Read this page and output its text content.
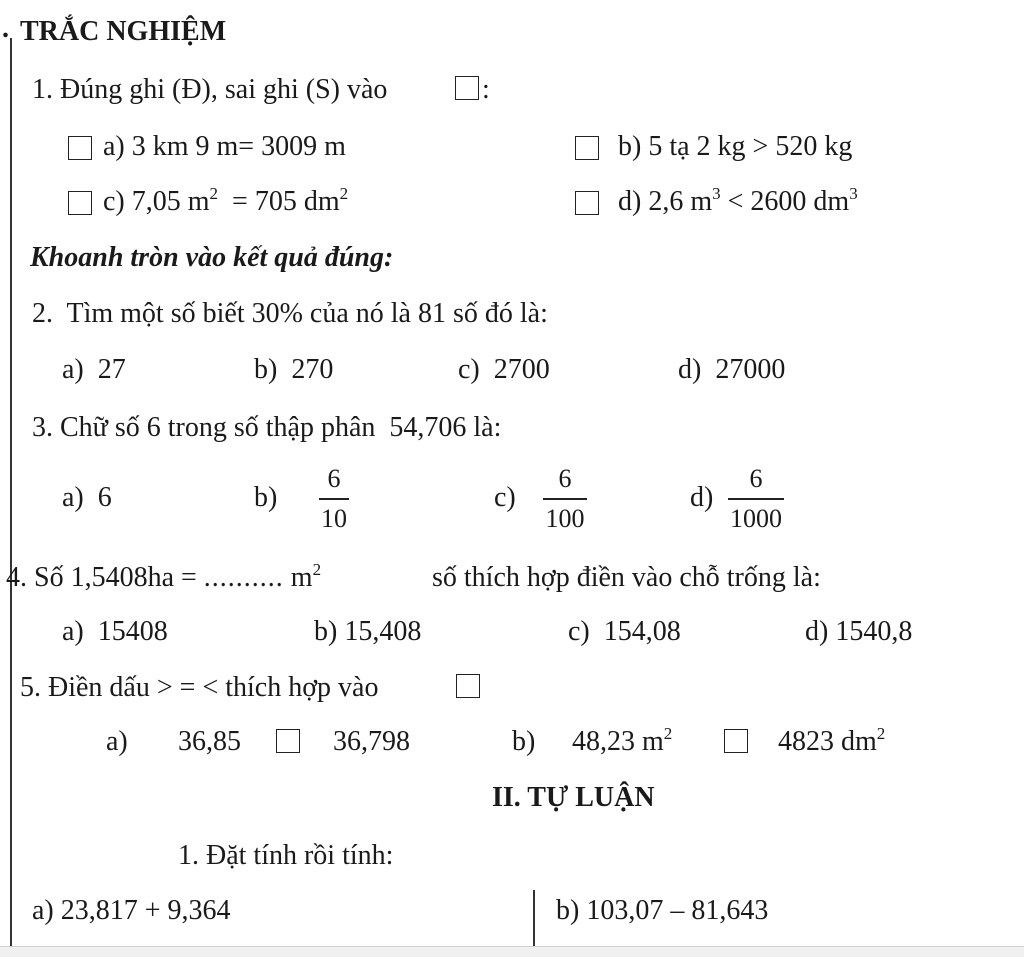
. TRẮC NGHIỆM
1. Đúng ghi (Đ), sai ghi (S) vào	:
a) 3 km 9 m= 3009 m	b) 5 tạ 2 kg > 520 kg
c) 7,05 $m^2 = 705$ $dm^2$	d) 2,6 $m^3 < 2600$ $dm^3$
Khoanh tròn vào kết quả đúng:
2.  Tìm một số biết 30% của nó là 81 số đó là:
a)  27	b)  270	c)  2700	d)  27000
3. Chữ số 6 trong số thập phân  54,706 là:
a)  6	b)
6
10
c)
6
100
d)
6
1000
4. Số 1,5408ha = .......... $m^2$	số thích hợp điền vào chỗ trống là:
a)  15408	b) 15,408	c)  154,08	d) 1540,8
5. Điền dấu > = < thích hợp vào
a) 36,85	36,798	b) 48,23 $m^2$	4823 $dm^2$
II. TỰ LUẬN
1. Đặt tính rồi tính:
a) 23,817 + 9,364	b) 103,07 – 81,643
